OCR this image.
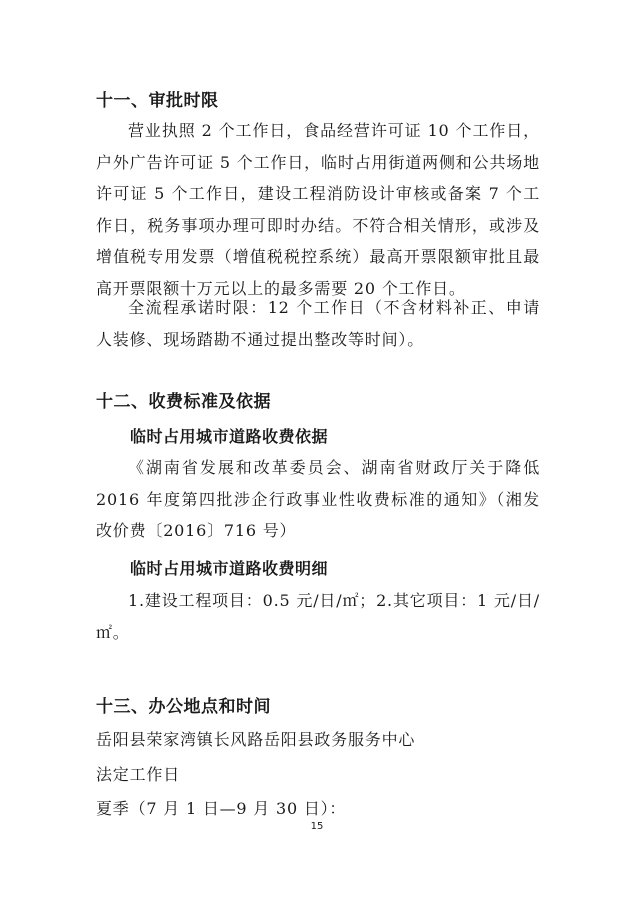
十一、审批时限

营业执照 2 个工作日，食品经营许可证 10 个工作日，户外广告许可证 5 个工作日，临时占用街道两侧和公共场地许可证 5 个工作日，建设工程消防设计审核或备案 7 个工作日，税务事项办理可即时办结。不符合相关情形，或涉及增值税专用发票（增值税税控系统）最高开票限额审批且最高开票限额十万元以上的最多需要 20 个工作日。

全流程承诺时限：12 个工作日（不含材料补正、申请人装修、现场踏勘不通过提出整改等时间）。

十二、收费标准及依据
临时占用城市道路收费依据

《湖南省发展和改革委员会、湖南省财政厅关于降低2016 年度第四批涉企行政事业性收费标准的通知》（湘发改价费〔2016〕716 号）

临时占用城市道路收费明细

1.建设工程项目：0.5 元/日/㎡；2.其它项目：1 元/日/㎡。

十三、办公地点和时间

岳阳县荣家湾镇长风路岳阳县政务服务中心

法定工作日

夏季（7 月 1 日—9 月 30 日）：

15
